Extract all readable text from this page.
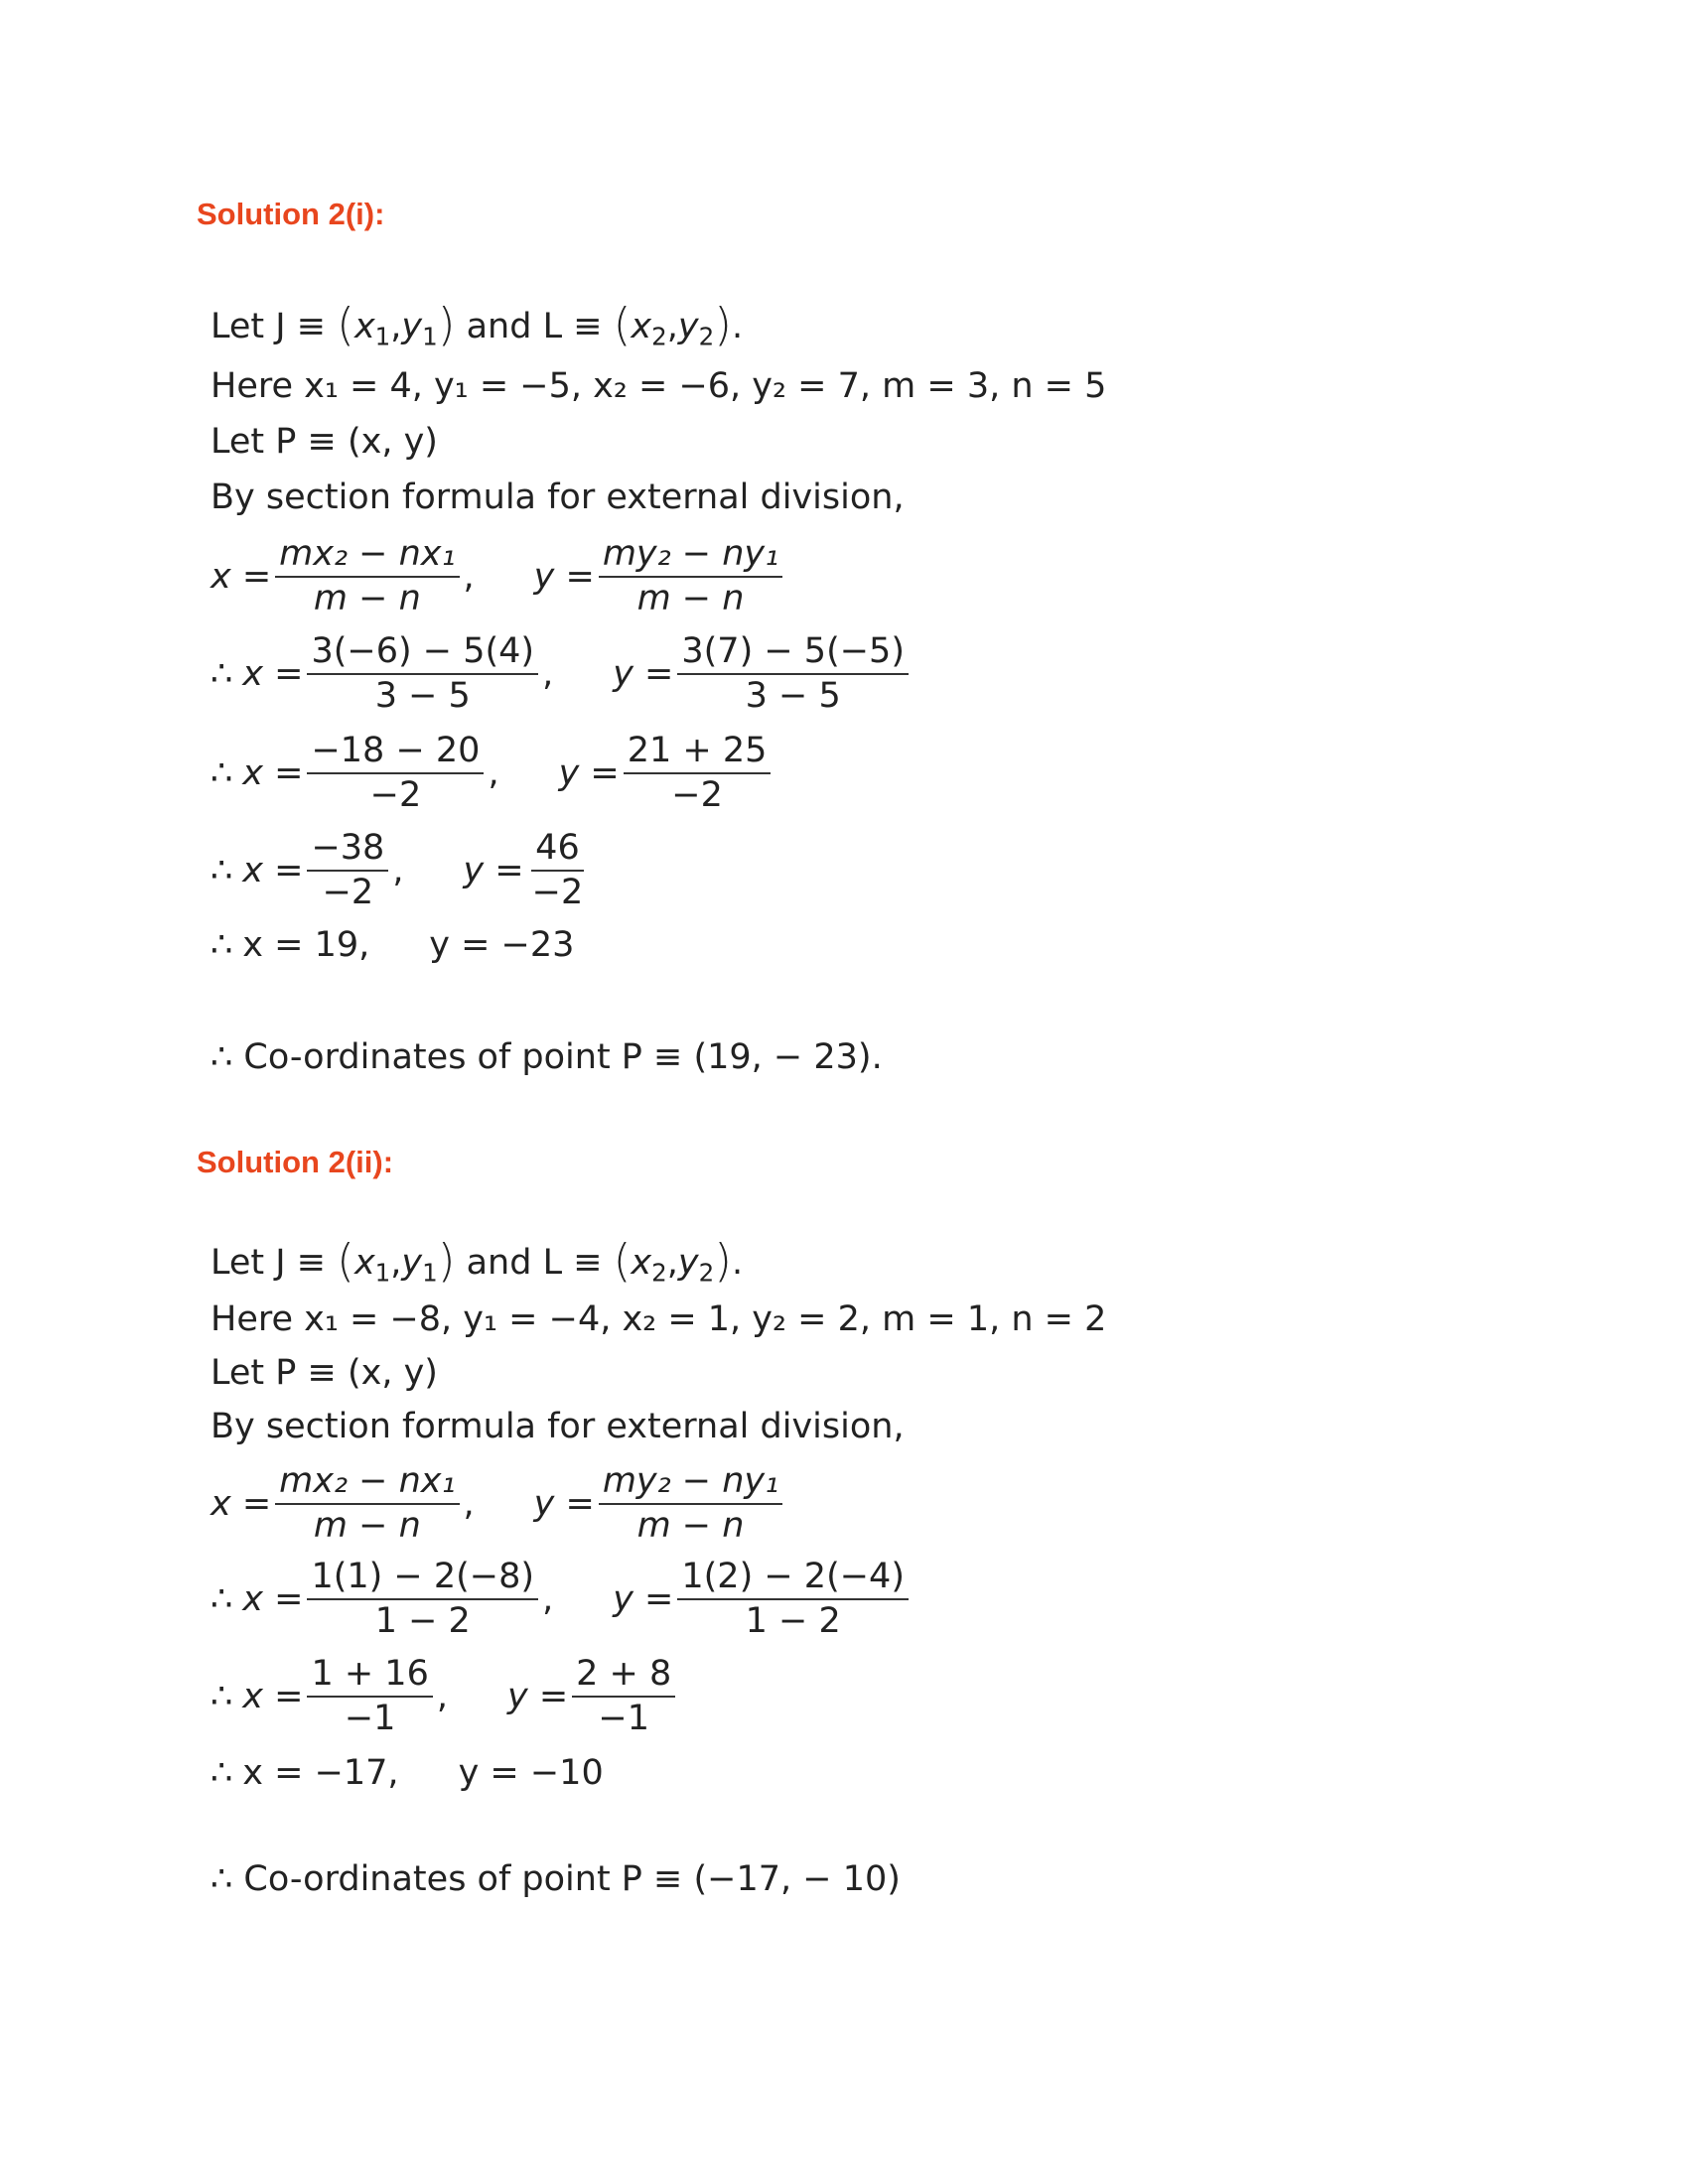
Solution 2(i):
Let $J \equiv (x_1,y_1)$ and $L \equiv (x_2,y_2)$.
Here x₁ = 4, y₁ = −5, x₂ = −6, y₂ = 7, m = 3, n = 5
Let P ≡ (x, y)
By section formula for external division,
$x = \frac{\text{mx₂ − nx₁}}{m - n}$ , $y = \frac{\text{my₂ − ny₁}}{m - n}$
∴ $x = \frac{3(-6) - 5(4)}{3 - 5}$ , $y = \frac{3(7) - 5(-5)}{3 - 5}$
∴ $x = \frac{-18 - 20}{-2}$ , $y = \frac{21 + 25}{-2}$
∴ $x = \frac{-38}{-2}$ , $y = \frac{46}{-2}$
∴ x = 19, y = −23
∴ Co-ordinates of point P ≡ (19, − 23).
Solution 2(ii):
Let $J \equiv (x_1,y_1)$ and $L \equiv (x_2,y_2)$.
Here x₁ = −8, y₁ = −4, x₂ = 1, y₂ = 2, m = 1, n = 2
Let P ≡ (x, y)
By section formula for external division,
$x = \frac{\text{mx₂ − nx₁}}{m - n}$ , $y = \frac{\text{my₂ − ny₁}}{m - n}$
∴ $x = \frac{1(1) - 2(-8)}{1 - 2}$ , $y = \frac{1(2) - 2(-4)}{1 - 2}$
∴ $x = \frac{1 + 16}{-1}$ , $y = \frac{2 + 8}{-1}$
∴ x = −17, y = −10
∴ Co-ordinates of point P ≡ (−17, − 10)
